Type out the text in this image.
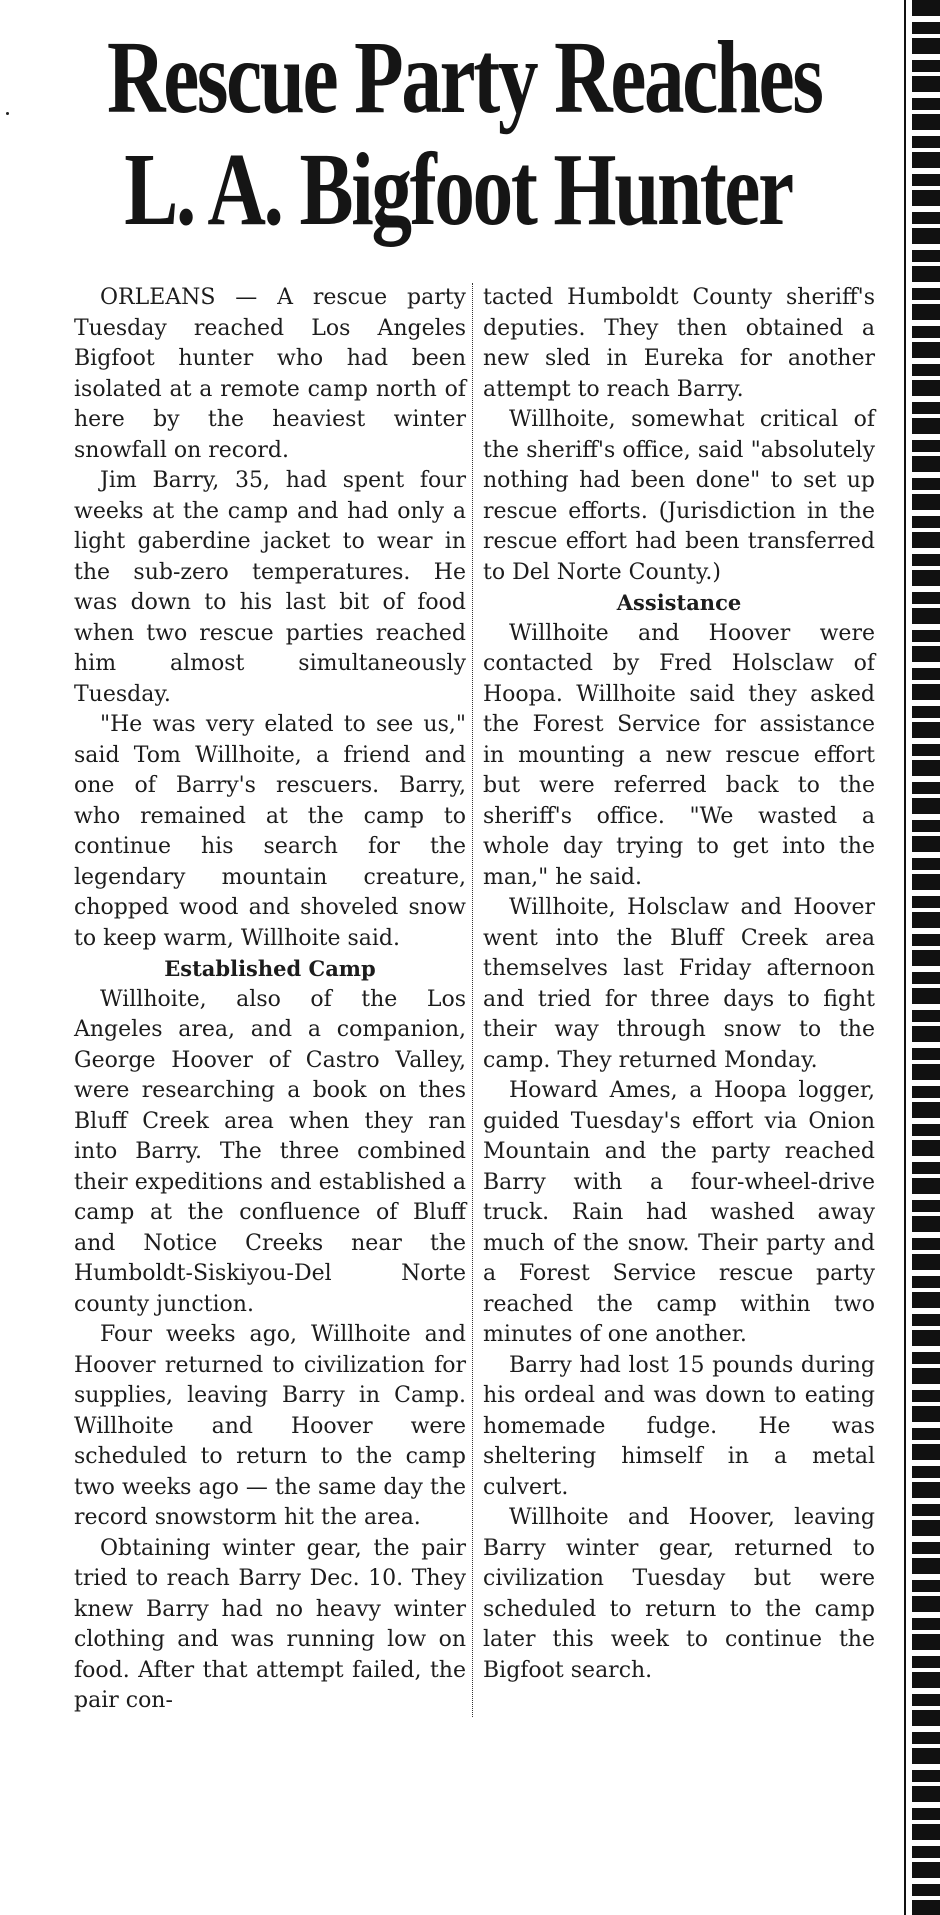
Rescue Party Reaches
L. A. Bigfoot Hunter

ORLEANS — A rescue party Tuesday reached Los Angeles Bigfoot hunter who had been isolated at a remote camp north of here by the heaviest winter snowfall on record.

Jim Barry, 35, had spent four weeks at the camp and had only a light gaberdine jacket to wear in the sub-zero temperatures. He was down to his last bit of food when two rescue parties reached him almost simultaneously Tuesday.

"He was very elated to see us," said Tom Willhoite, a friend and one of Barry's rescuers. Barry, who remained at the camp to continue his search for the legendary mountain creature, chopped wood and shoveled snow to keep warm, Willhoite said.

Established Camp

Willhoite, also of the Los Angeles area, and a companion, George Hoover of Castro Valley, were researching a book on thes Bluff Creek area when they ran into Barry. The three combined their expeditions and established a camp at the confluence of Bluff and Notice Creeks near the Humboldt-Siskiyou-Del Norte county junction.

Four weeks ago, Willhoite and Hoover returned to civilization for supplies, leaving Barry in Camp. Willhoite and Hoover were scheduled to return to the camp two weeks ago — the same day the record snowstorm hit the area.

Obtaining winter gear, the pair tried to reach Barry Dec. 10. They knew Barry had no heavy winter clothing and was running low on food. After that attempt failed, the pair con-

tacted Humboldt County sheriff's deputies. They then obtained a new sled in Eureka for another attempt to reach Barry.

Willhoite, somewhat critical of the sheriff's office, said "absolutely nothing had been done" to set up rescue efforts. (Jurisdiction in the rescue effort had been transferred to Del Norte County.)

Assistance

Willhoite and Hoover were contacted by Fred Holsclaw of Hoopa. Willhoite said they asked the Forest Service for assistance in mounting a new rescue effort but were referred back to the sheriff's office. "We wasted a whole day trying to get into the man," he said.

Willhoite, Holsclaw and Hoover went into the Bluff Creek area themselves last Friday afternoon and tried for three days to fight their way through snow to the camp. They returned Monday.

Howard Ames, a Hoopa logger, guided Tuesday's effort via Onion Mountain and the party reached Barry with a four-wheel-drive truck. Rain had washed away much of the snow. Their party and a Forest Service rescue party reached the camp within two minutes of one another.

Barry had lost 15 pounds during his ordeal and was down to eating homemade fudge. He was sheltering himself in a metal culvert.

Willhoite and Hoover, leaving Barry winter gear, returned to civilization Tuesday but were scheduled to return to the camp later this week to continue the Bigfoot search.
